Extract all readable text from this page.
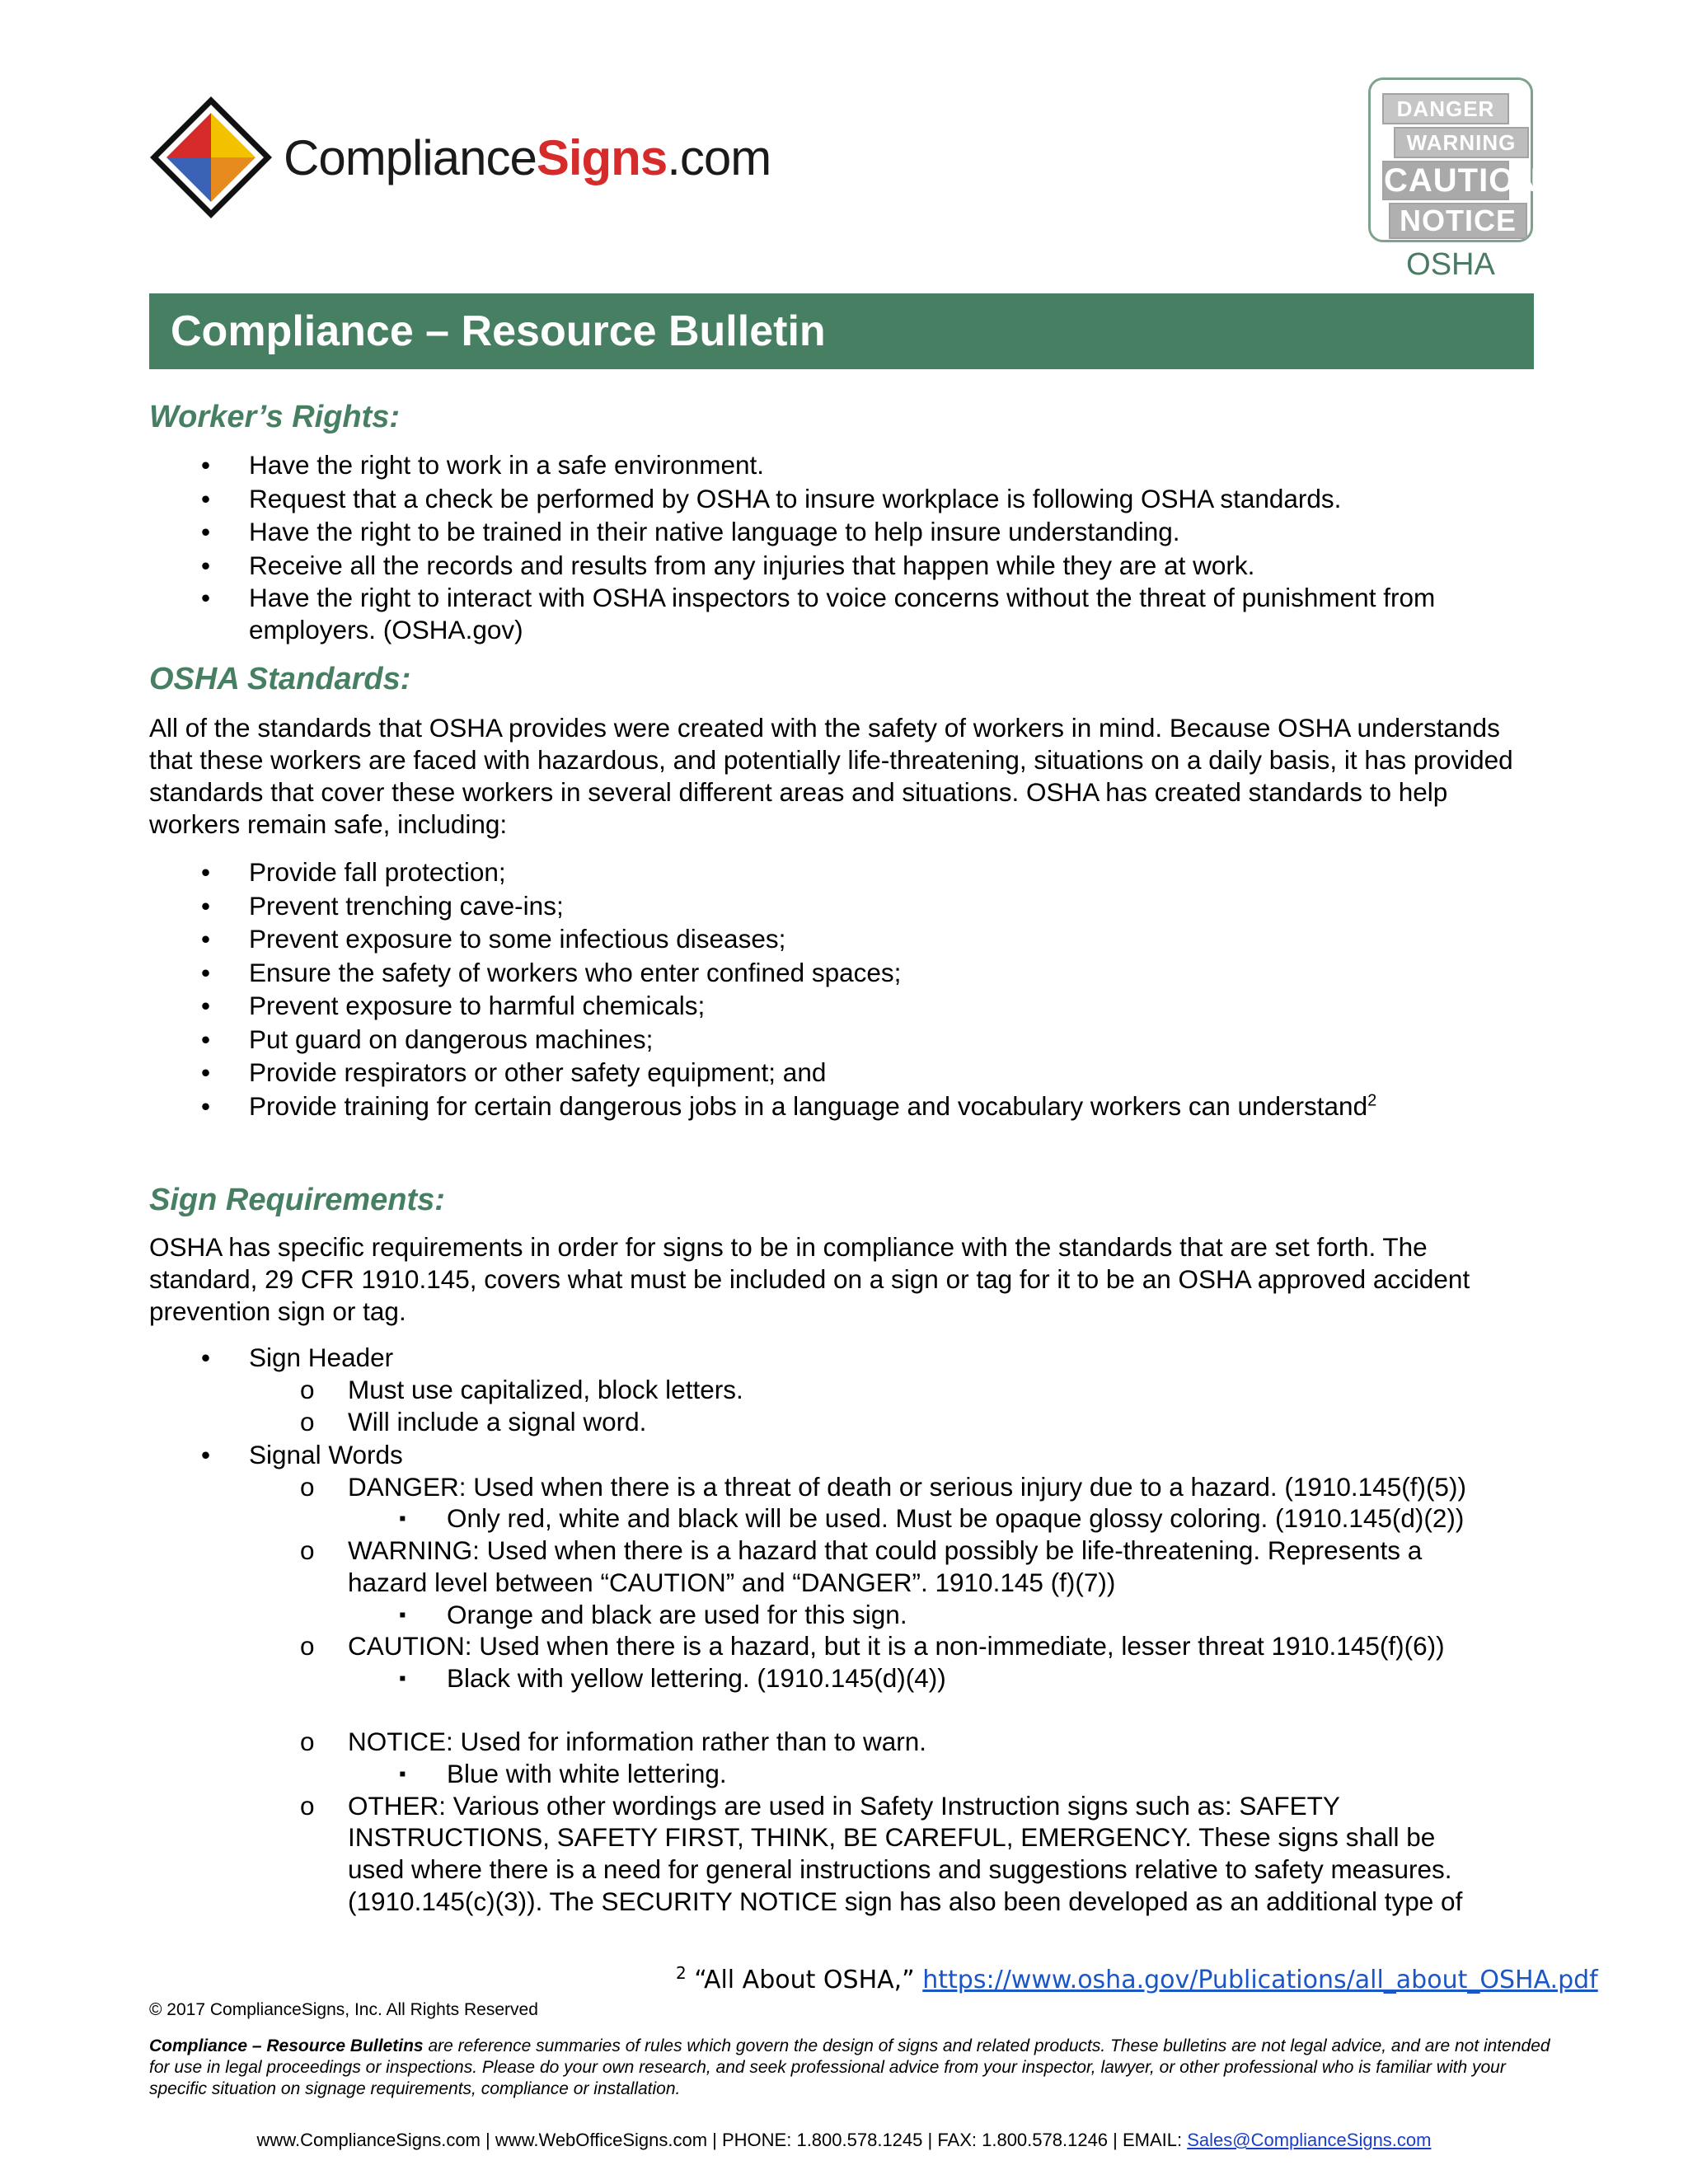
ComplianceSigns.com
DANGER
WARNING
CAUTION
NOTICE
OSHA
Compliance – Resource Bulletin
Worker’s Rights:
• Have the right to work in a safe environment.
• Request that a check be performed by OSHA to insure workplace is following OSHA standards.
• Have the right to be trained in their native language to help insure understanding.
• Receive all the records and results from any injuries that happen while they are at work.
• Have the right to interact with OSHA inspectors to voice concerns without the threat of punishment from employers. (OSHA.gov)
OSHA Standards:

All of the standards that OSHA provides were created with the safety of workers in mind. Because OSHA understands that these workers are faced with hazardous, and potentially life-threatening, situations on a daily basis, it has provided standards that cover these workers in several different areas and situations. OSHA has created standards to help workers remain safe, including:

• Provide fall protection;
• Prevent trenching cave-ins;
• Prevent exposure to some infectious diseases;
• Ensure the safety of workers who enter confined spaces;
• Prevent exposure to harmful chemicals;
• Put guard on dangerous machines;
• Provide respirators or other safety equipment; and
• Provide training for certain dangerous jobs in a language and vocabulary workers can understand$^2$
Sign Requirements:

OSHA has specific requirements in order for signs to be in compliance with the standards that are set forth. The standard, 29 CFR 1910.145, covers what must be included on a sign or tag for it to be an OSHA approved accident prevention sign or tag.

• Sign Header
o Must use capitalized, block letters.
o Will include a signal word.
• Signal Words
o DANGER: Used when there is a threat of death or serious injury due to a hazard. (1910.145(f)(5))
▪ Only red, white and black will be used. Must be opaque glossy coloring. (1910.145(d)(2))
o WARNING: Used when there is a hazard that could possibly be life-threatening. Represents a
hazard level between “CAUTION” and “DANGER”. 1910.145 (f)(7))
▪ Orange and black are used for this sign.
o CAUTION: Used when there is a hazard, but it is a non-immediate, lesser threat 1910.145(f)(6))
▪ Black with yellow lettering. (1910.145(d)(4))
o NOTICE: Used for information rather than to warn.
▪ Blue with white lettering.
o OTHER: Various other wordings are used in Safety Instruction signs such as: SAFETY
INSTRUCTIONS, SAFETY FIRST, THINK, BE CAREFUL, EMERGENCY. These signs shall be
used where there is a need for general instructions and suggestions relative to safety measures.
(1910.145(c)(3)). The SECURITY NOTICE sign has also been developed as an additional type of
$^2$ “All About OSHA,” https://www.osha.gov/Publications/all_about_OSHA.pdf
© 2017 ComplianceSigns, Inc. All Rights Reserved
Compliance – Resource Bulletins are reference summaries of rules which govern the design of signs and related products. These bulletins are not legal advice, and are not intended for use in legal proceedings or inspections. Please do your own research, and seek professional advice from your inspector, lawyer, or other professional who is familiar with your specific situation on signage requirements, compliance or installation.
www.ComplianceSigns.com | www.WebOfficeSigns.com | PHONE: 1.800.578.1245 | FAX: 1.800.578.1246 | EMAIL: Sales@ComplianceSigns.com
